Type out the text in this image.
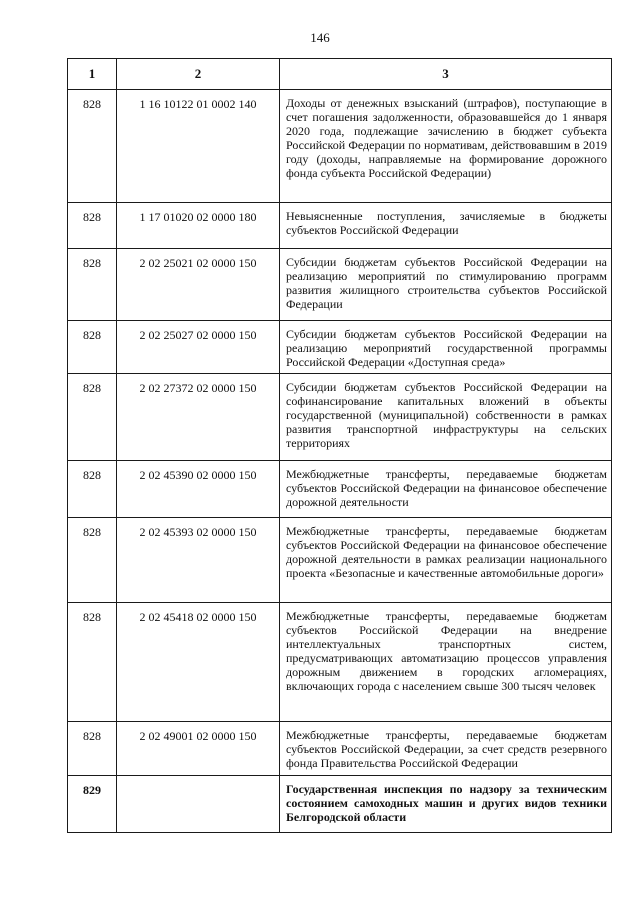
146
1	2	3
828	1 16 10122 01 0002 140	Доходы от денежных взысканий (штрафов), поступающие в счет погашения задолженности, образовавшейся до 1 января 2020 года, подлежащие зачислению в бюджет субъекта Российской Федерации по нормативам, действовавшим в 2019 году (доходы, направляемые на формирование дорожного фонда субъекта Российской Федерации)
828	1 17 01020 02 0000 180	Невыясненные поступления, зачисляемые в бюджеты субъектов Российской Федерации
828	2 02 25021 02 0000 150	Субсидии бюджетам субъектов Российской Федерации на реализацию мероприятий по стимулированию программ развития жилищного строительства субъектов Российской Федерации
828	2 02 25027 02 0000 150	Субсидии бюджетам субъектов Российской Федерации на реализацию мероприятий государственной программы Российской Федерации «Доступная среда»
828	2 02 27372 02 0000 150	Субсидии бюджетам субъектов Российской Федерации на софинансирование капитальных вложений в объекты государственной (муниципальной) собственности в рамках развития транспортной инфраструктуры на сельских территориях
828	2 02 45390 02 0000 150	Межбюджетные трансферты, передаваемые бюджетам субъектов Российской Федерации на финансовое обеспечение дорожной деятельности
828	2 02 45393 02 0000 150	Межбюджетные трансферты, передаваемые бюджетам субъектов Российской Федерации на финансовое обеспечение дорожной деятельности в рамках реализации национального проекта «Безопасные и качественные автомобильные дороги»
828	2 02 45418 02 0000 150	Межбюджетные трансферты, передаваемые бюджетам субъектов Российской Федерации на внедрение интеллектуальных транспортных систем, предусматривающих автоматизацию процессов управления дорожным движением в городских агломерациях, включающих города с населением свыше 300 тысяч человек
828	2 02 49001 02 0000 150	Межбюджетные трансферты, передаваемые бюджетам субъектов Российской Федерации, за счет средств резервного фонда Правительства Российской Федерации
829		Государственная инспекция по надзору за техническим состоянием самоходных машин и других видов техники Белгородской области
